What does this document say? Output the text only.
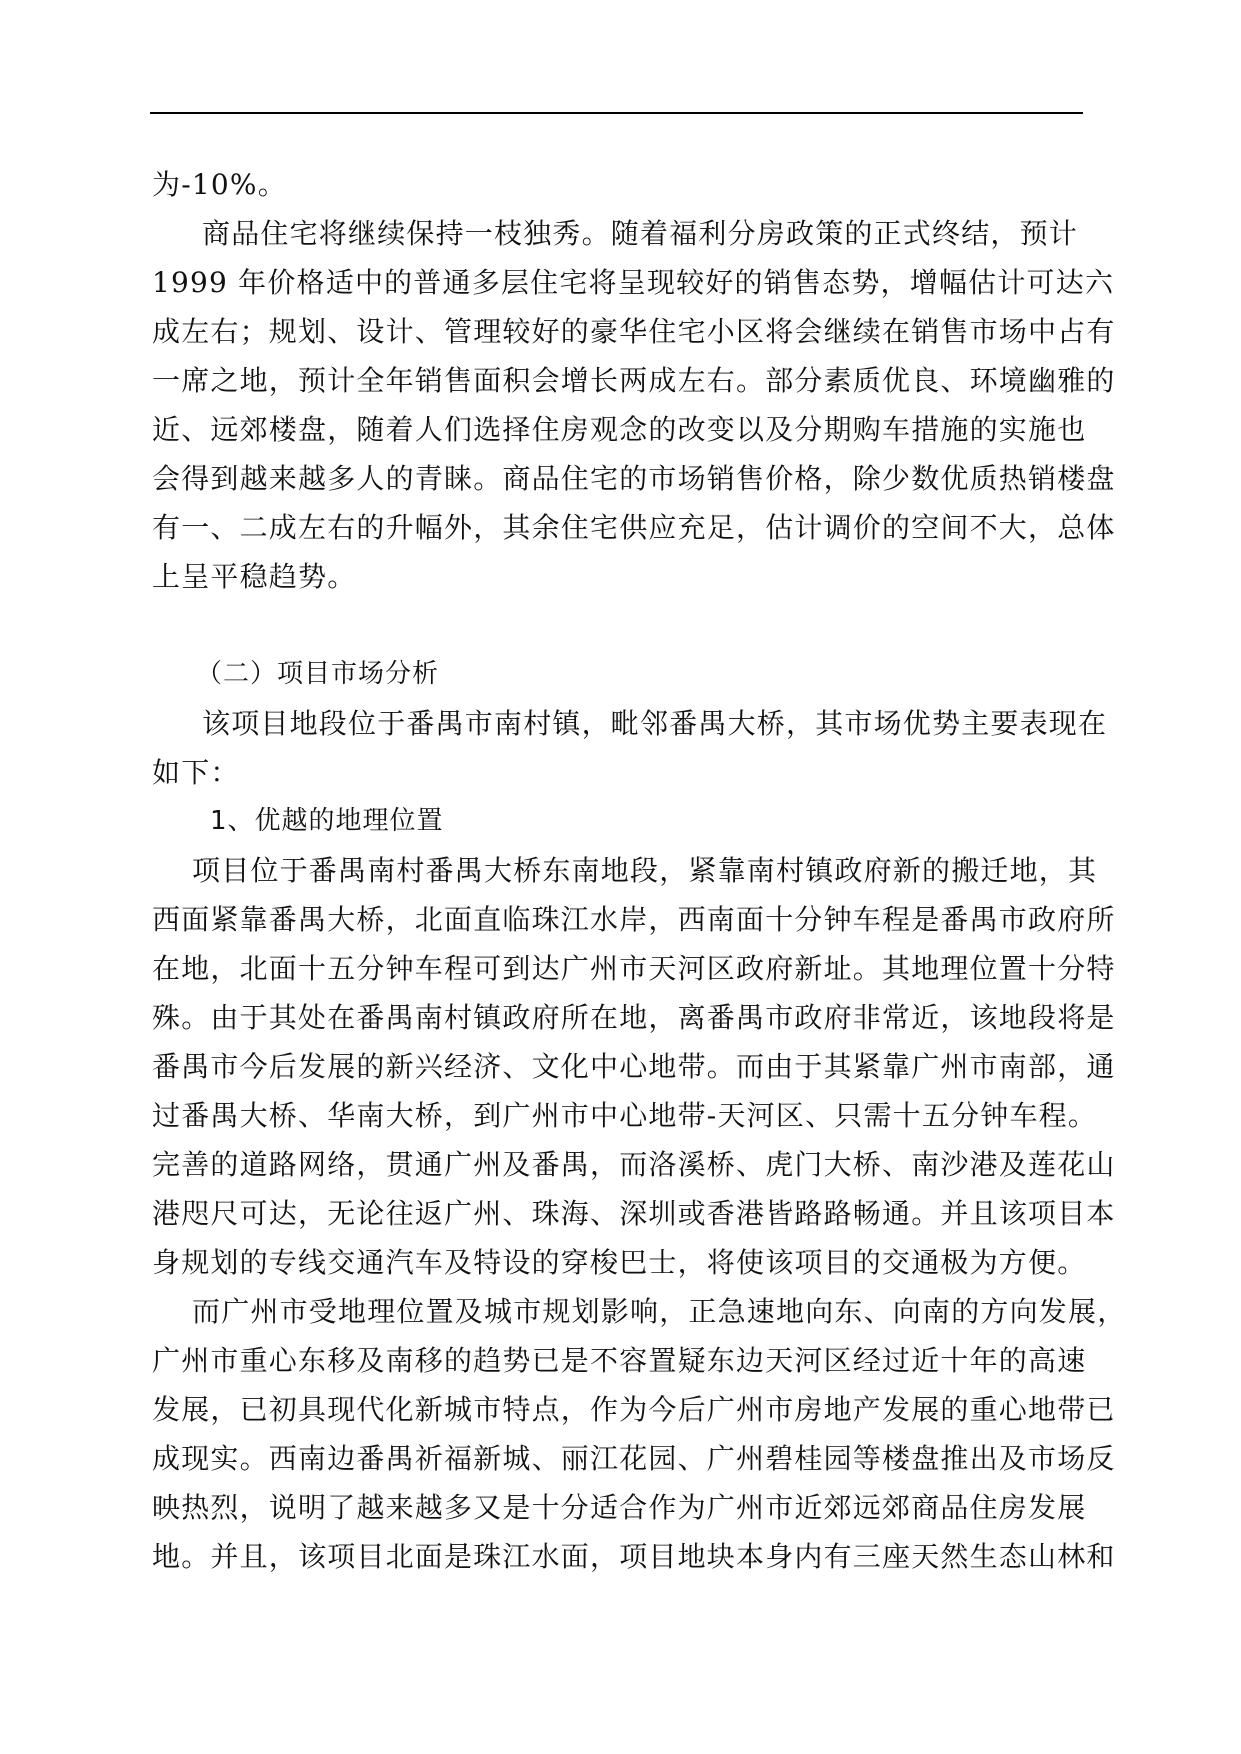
为-10%。
商品住宅将继续保持一枝独秀。随着福利分房政策的正式终结，预计
1999 年价格适中的普通多层住宅将呈现较好的销售态势，增幅估计可达六
成左右；规划、设计、管理较好的豪华住宅小区将会继续在销售市场中占有
一席之地，预计全年销售面积会增长两成左右。部分素质优良、环境幽雅的
近、远郊楼盘，随着人们选择住房观念的改变以及分期购车措施的实施也
会得到越来越多人的青睐。商品住宅的市场销售价格，除少数优质热销楼盘
有一、二成左右的升幅外，其余住宅供应充足，估计调价的空间不大，总体
上呈平稳趋势。
（二）项目市场分析
该项目地段位于番禺市南村镇，毗邻番禺大桥，其市场优势主要表现在
如下：
1、优越的地理位置
项目位于番禺南村番禺大桥东南地段，紧靠南村镇政府新的搬迁地，其
西面紧靠番禺大桥，北面直临珠江水岸，西南面十分钟车程是番禺市政府所
在地，北面十五分钟车程可到达广州市天河区政府新址。其地理位置十分特
殊。由于其处在番禺南村镇政府所在地，离番禺市政府非常近，该地段将是
番禺市今后发展的新兴经济、文化中心地带。而由于其紧靠广州市南部，通
过番禺大桥、华南大桥，到广州市中心地带-天河区、只需十五分钟车程。
完善的道路网络，贯通广州及番禺，而洛溪桥、虎门大桥、南沙港及莲花山
港咫尺可达，无论往返广州、珠海、深圳或香港皆路路畅通。并且该项目本
身规划的专线交通汽车及特设的穿梭巴士，将使该项目的交通极为方便。
而广州市受地理位置及城市规划影响，正急速地向东、向南的方向发展，
广州市重心东移及南移的趋势已是不容置疑东边天河区经过近十年的高速
发展，已初具现代化新城市特点，作为今后广州市房地产发展的重心地带已
成现实。西南边番禺祈福新城、丽江花园、广州碧桂园等楼盘推出及市场反
映热烈，说明了越来越多又是十分适合作为广州市近郊远郊商品住房发展
地。并且，该项目北面是珠江水面，项目地块本身内有三座天然生态山林和
